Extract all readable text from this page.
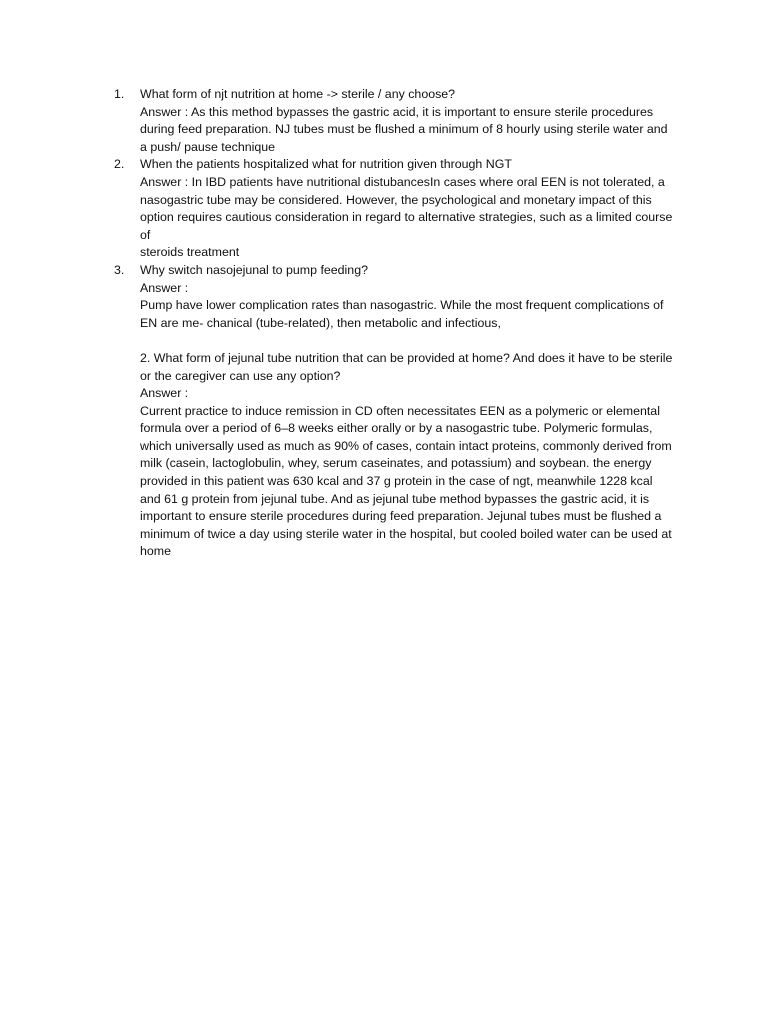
1.	What form of njt nutrition at home -> sterile / any choose?
Answer : As this method bypasses the gastric acid, it is important to ensure sterile procedures during feed preparation. NJ tubes must be flushed a minimum of 8 hourly using sterile water and a push/ pause technique
2.	When the patients hospitalized what for nutrition given through NGT
Answer : In IBD patients have nutritional distubancesIn cases where oral EEN is not tolerated, a nasogastric tube may be considered. However, the psychological and monetary impact of this option requires cautious consideration in regard to alternative strategies, such as a limited course of
steroids treatment
3.	Why switch nasojejunal to pump feeding?
Answer :
Pump have lower complication rates than nasogastric. While the most frequent complications of EN are me- chanical (tube-related), then metabolic and infectious,
2. What form of jejunal tube nutrition that can be provided at home? And does it have to be sterile or the caregiver can use any option?
Answer :
Current practice to induce remission in CD often necessitates EEN as a polymeric or elemental formula over a period of 6–8 weeks either orally or by a nasogastric tube. Polymeric formulas, which universally used as much as 90% of cases, contain intact proteins, commonly derived from milk (casein, lactoglobulin, whey, serum caseinates, and potassium) and soybean. the energy provided in this patient was 630 kcal and 37 g protein in the case of ngt, meanwhile 1228 kcal and 61 g protein from jejunal tube. And as jejunal tube method bypasses the gastric acid, it is important to ensure sterile procedures during feed preparation. Jejunal tubes must be flushed a minimum of twice a day using sterile water in the hospital, but cooled boiled water can be used at home
